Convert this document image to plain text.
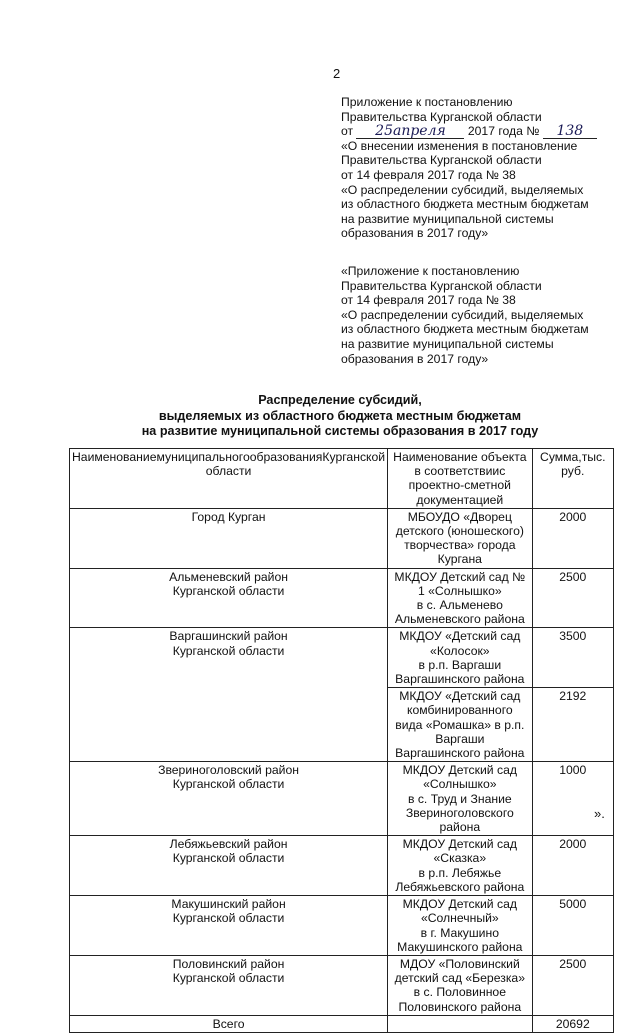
2
Приложение к постановлению
Правительства Курганской области
от 25апреля 2017 года № 138
«О внесении изменения в постановление
Правительства Курганской области
от 14 февраля 2017 года № 38
«О распределении субсидий, выделяемых
из областного бюджета местным бюджетам
на развитие муниципальной системы
образования в 2017 году»
«Приложение к постановлению
Правительства Курганской области
от 14 февраля 2017 года № 38
«О распределении субсидий, выделяемых
из областного бюджета местным бюджетам
на развитие муниципальной системы
образования в 2017 году»
Распределение субсидий,
выделяемых из областного бюджета местным бюджетам
на развитие муниципальной системы образования в 2017 году
НаименованиемуниципальногообразованияКурганской области	Наименование объекта в соответствиис проектно-сметной документацией	Сумма,тыс. руб.

Город Курган	МБОУДО «Дворец детского (юношеского)
творчества» города Кургана	2000

Альменевский район
Курганской области	МКДОУ Детский сад № 1 «Солнышко»
в с. Альменево Альменевского района	2500

Варгашинский район
Курганской области	МКДОУ «Детский сад «Колосок»
в р.п. Варгаши Варгашинского района	3500

	МКДОУ «Детский сад комбинированного
вида «Ромашка» в р.п. Варгаши
Варгашинского района	2192

Звериноголовский район
Курганской области	МКДОУ Детский сад «Солнышко»
в с. Труд и Знание
Звериноголовского района	1000

Лебяжьевский район
Курганской области	МКДОУ Детский сад «Сказка»
в р.п. Лебяжье Лебяжьевского района	2000

Макушинский район
Курганской области	МКДОУ Детский сад «Солнечный»
в г. Макушино Макушинского района	5000

Половинский район
Курганской области	МДОУ «Половинский детский сад «Березка»
в с. Половинное Половинского района	2500
Всего		20692
».
